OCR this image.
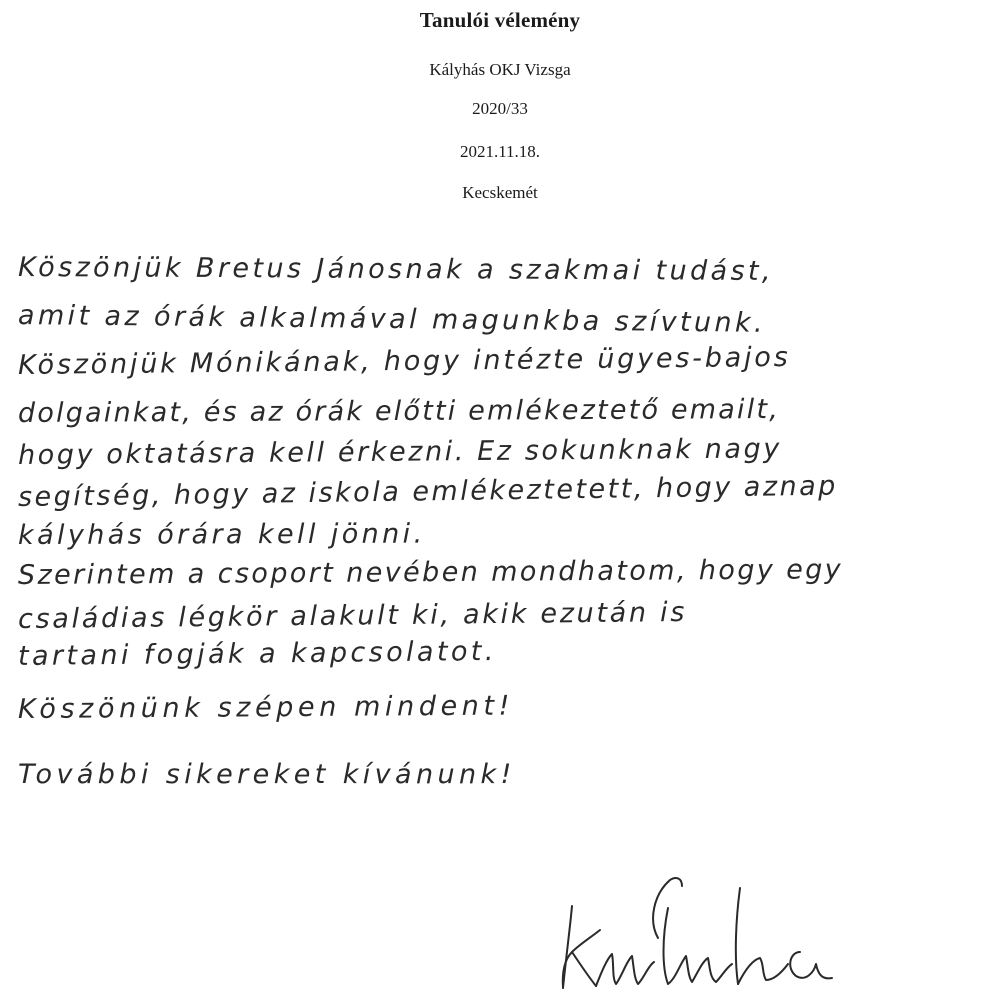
Tanulói vélemény
Kályhás OKJ Vizsga
2020/33
2021.11.18.
Kecskemét
Köszönjük Bretus Jánosnak a szakmai tudást,
amit az órák alkalmával magunkba szívtunk.
Köszönjük Mónikának, hogy intézte ügyes-bajos
dolgainkat, és az órák előtti emlékeztető emailt,
hogy oktatásra kell érkezni. Ez sokunknak nagy
segítség, hogy az iskola emlékeztetett, hogy aznap
kályhás órára kell jönni.
Szerintem a csoport nevében mondhatom, hogy egy
családias légkör alakult ki, akik ezután is
tartani fogják a kapcsolatot.
Köszönünk szépen mindent!
További sikereket kívánunk!
